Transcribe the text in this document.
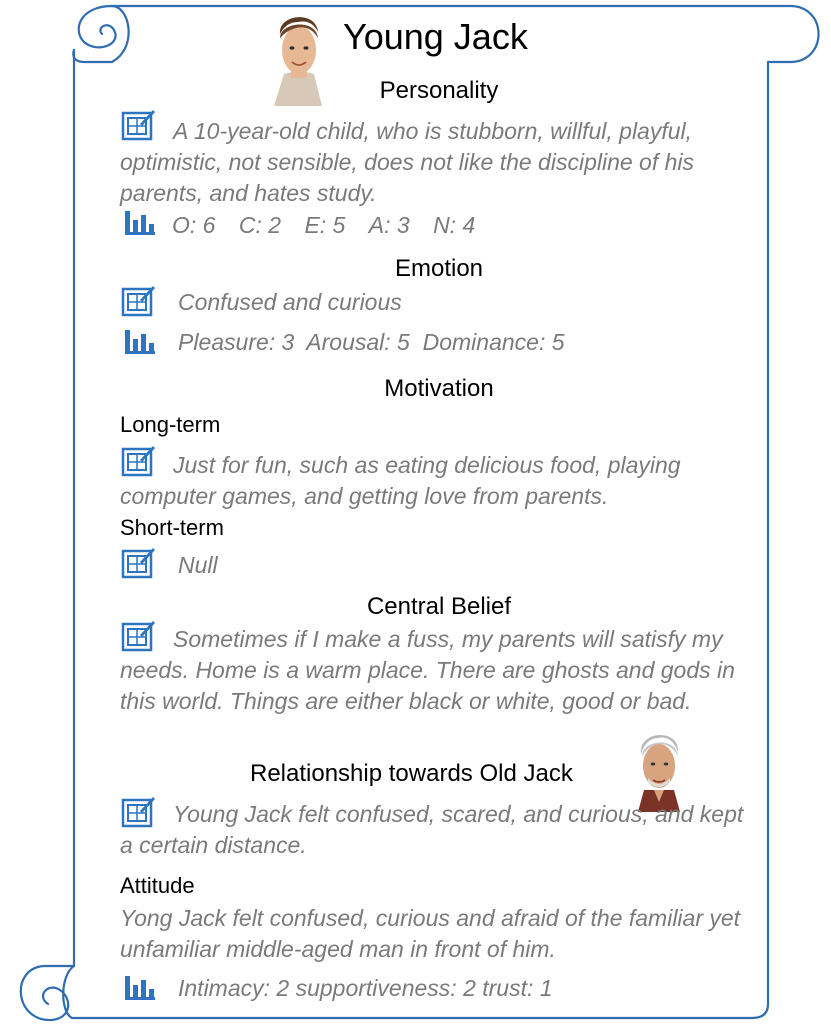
Young Jack
Personality
A 10-year-old child, who is stubborn, willful, playful, optimistic, not sensible, does not like the discipline of his parents, and hates study.
O: 6 C: 2 E: 5 A: 3 N: 4
Emotion
Confused and curious
Pleasure: 3  Arousal: 5  Dominance: 5
Motivation
Long-term
Just for fun, such as eating delicious food, playing computer games, and getting love from parents.
Short-term
Null
Central Belief
Sometimes if I make a fuss, my parents will satisfy my needs. Home is a warm place. There are ghosts and gods in this world. Things are either black or white, good or bad.
Relationship towards Old Jack
Young Jack felt confused, scared, and curious, and kept a certain distance.
Attitude
Yong Jack felt confused, curious and afraid of the familiar yet unfamiliar middle-aged man in front of him.
Intimacy: 2 supportiveness: 2 trust: 1
